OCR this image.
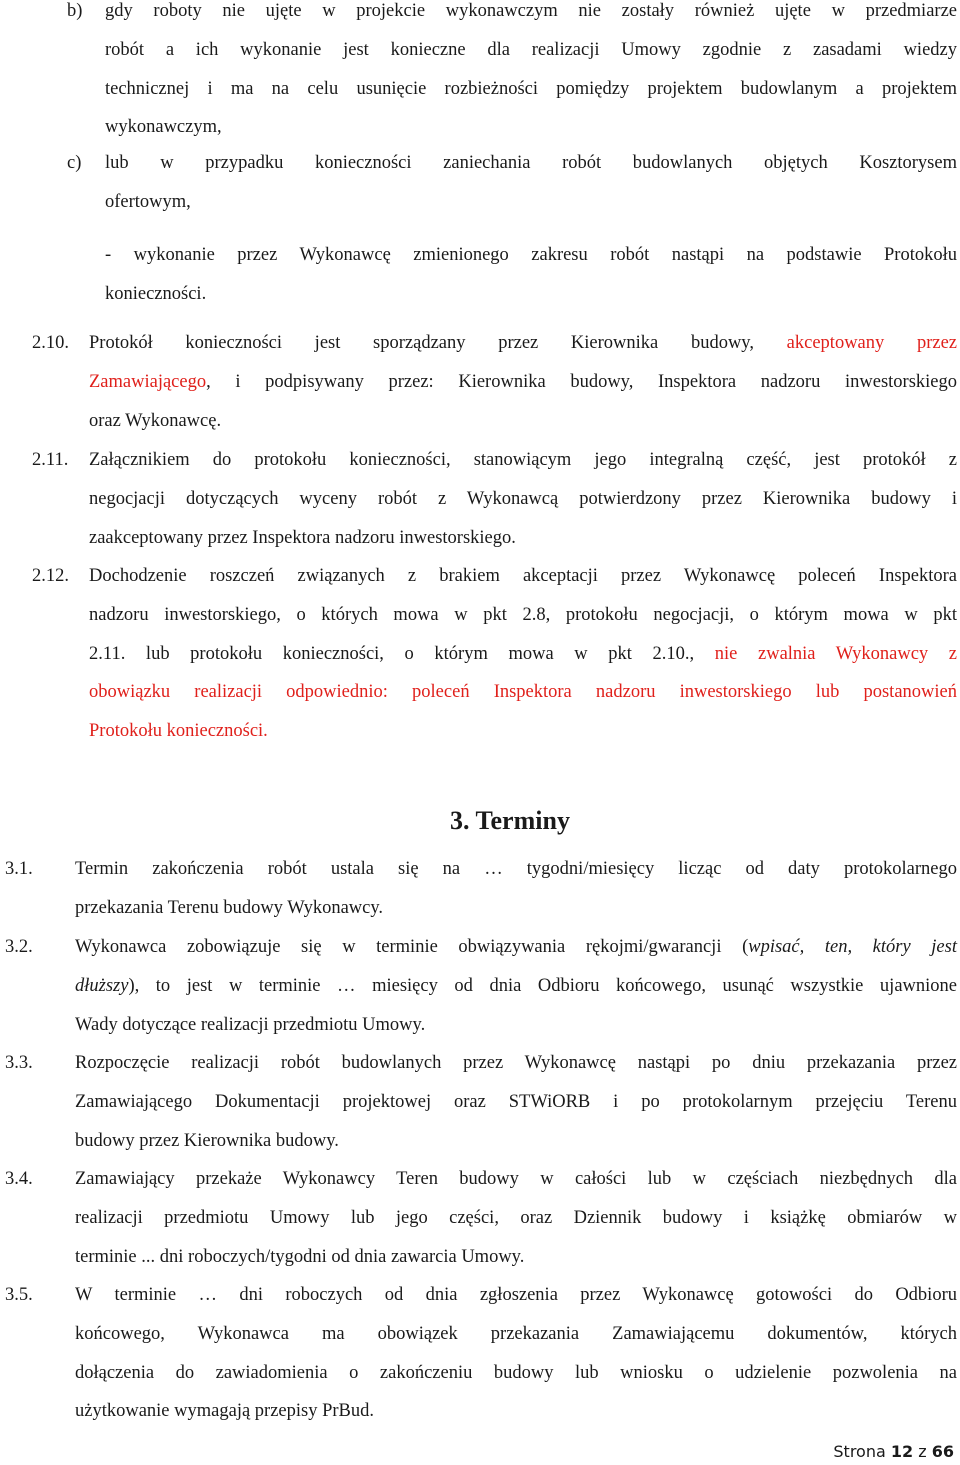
b) gdy roboty nie ujęte w projekcie wykonawczym nie zostały również ujęte w przedmiarze
robót a ich wykonanie jest konieczne dla realizacji Umowy zgodnie z zasadami wiedzy
technicznej i ma na celu usunięcie rozbieżności pomiędzy projektem budowlanym a projektem
wykonawczym,
c) lub w przypadku konieczności zaniechania robót budowlanych objętych Kosztorysem
ofertowym,
- wykonanie przez Wykonawcę zmienionego zakresu robót nastąpi na podstawie Protokołu
konieczności.
2.10. Protokół konieczności jest sporządzany przez Kierownika budowy, akceptowany przez
Zamawiającego, i podpisywany przez: Kierownika budowy, Inspektora nadzoru inwestorskiego
oraz Wykonawcę.
2.11. Załącznikiem do protokołu konieczności, stanowiącym jego integralną część, jest protokół z
negocjacji dotyczących wyceny robót z Wykonawcą potwierdzony przez Kierownika budowy i
zaakceptowany przez Inspektora nadzoru inwestorskiego.
2.12. Dochodzenie roszczeń związanych z brakiem akceptacji przez Wykonawcę poleceń Inspektora
nadzoru inwestorskiego, o których mowa w pkt 2.8, protokołu negocjacji, o którym mowa w pkt
2.11. lub protokołu konieczności, o którym mowa w pkt 2.10., nie zwalnia Wykonawcy z
obowiązku realizacji odpowiednio: poleceń Inspektora nadzoru inwestorskiego lub postanowień
Protokołu konieczności.
3. Terminy
3.1. Termin zakończenia robót ustala się na … tygodni/miesięcy licząc od daty protokolarnego
przekazania Terenu budowy Wykonawcy.
3.2. Wykonawca zobowiązuje się w terminie obwiązywania rękojmi/gwarancji (wpisać, ten, który jest
dłuższy), to jest w terminie … miesięcy od dnia Odbioru końcowego, usunąć wszystkie ujawnione
Wady dotyczące realizacji przedmiotu Umowy.
3.3. Rozpoczęcie realizacji robót budowlanych przez Wykonawcę nastąpi po dniu przekazania przez
Zamawiającego Dokumentacji projektowej oraz STWiORB i po protokolarnym przejęciu Terenu
budowy przez Kierownika budowy.
3.4. Zamawiający przekaże Wykonawcy Teren budowy w całości lub w częściach niezbędnych dla
realizacji przedmiotu Umowy lub jego części, oraz Dziennik budowy i książkę obmiarów w
terminie ... dni roboczych/tygodni od dnia zawarcia Umowy.
3.5. W terminie … dni roboczych od dnia zgłoszenia przez Wykonawcę gotowości do Odbioru
końcowego, Wykonawca ma obowiązek przekazania Zamawiającemu dokumentów, których
dołączenia do zawiadomienia o zakończeniu budowy lub wniosku o udzielenie pozwolenia na
użytkowanie wymagają przepisy PrBud.
Strona 12 z 66
